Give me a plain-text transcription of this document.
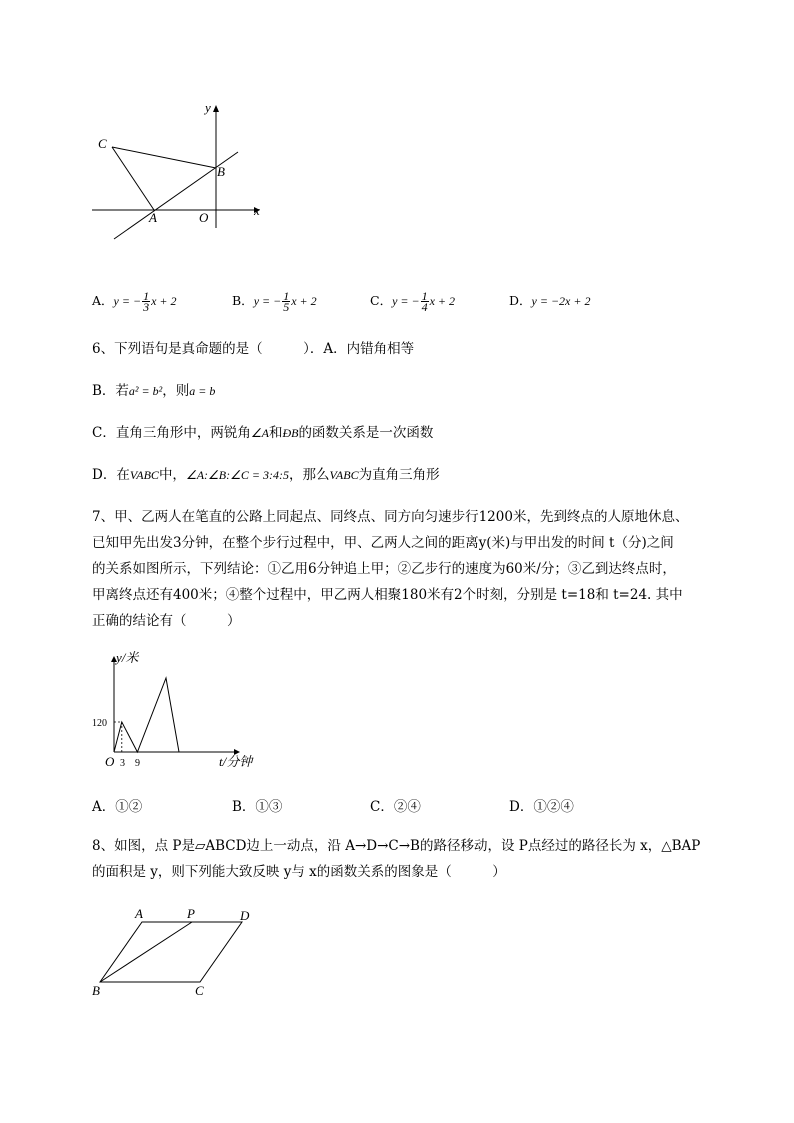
y
x
C
B
A	O
A．y = − $\frac{1}{3}$ x + 2	B．y = − $\frac{1}{5}$ x + 2	C．y = − $\frac{1}{4}$ x + 2	D．y = −2x + 2
6、下列语句是真命题的是（　　　）．A．内错角相等
B．若a² = b²，则a = b
C．直角三角形中，两锐角∠A和ÐB的函数关系是一次函数
D．在VABC中，∠A:∠B:∠C = 3:4:5，那么VABC为直角三角形
7、甲、乙两人在笔直的公路上同起点、同终点、同方向匀速步行1200米，先到终点的人原地休息、
已知甲先出发3分钟，在整个步行过程中，甲、乙两人之间的距离y(米)与甲出发的时间 t（分)之间
的关系如图所示，下列结论：①乙用6分钟追上甲；②乙步行的速度为60米/分；③乙到达终点时，
甲离终点还有400米；④整个过程中，甲乙两人相聚180米有2个时刻，分别是 t=18和 t=24. 其中
正确的结论有（　　　）
y/米
t/分钟
120
O 3 9
A．①②	B．①③	C．②④	D．①②④
8、如图，点 P是▱ABCD边上一动点，沿 A→D→C→B的路径移动，设 P点经过的路径长为 x，△BAP
的面积是 y，则下列能大致反映 y与 x的函数关系的图象是（　　　）
A	P	D
B	C
